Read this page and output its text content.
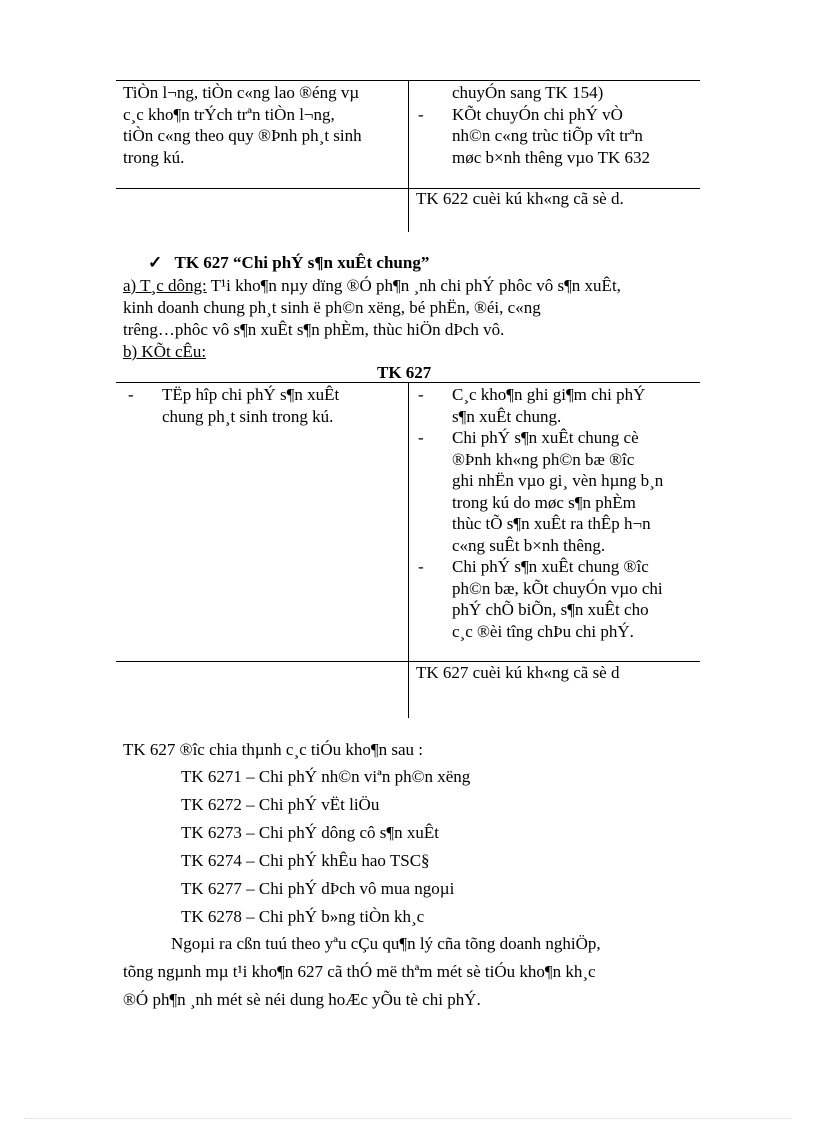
TiÒn l¬ng, tiÒn c«ng lao ®éng vµ
c¸c kho¶n trÝch trªn tiÒn l¬ng,
tiÒn c«ng theo quy ®Þnh ph¸t sinh
trong kú.
chuyÓn sang TK 154)
- KÕt chuyÓn chi phÝ vÒ
nh©n c«ng trùc tiÕp vît trªn
møc b×nh thêng vµo TK 632
TK 622 cuèi kú kh«ng cã sè d.
✓ TK 627 “Chi phÝ s¶n xuÊt chung”
a) T¸c dông: T¹i kho¶n nµy dïng ®Ó ph¶n ¸nh chi phÝ phôc vô s¶n xuÊt,
kinh doanh chung ph¸t sinh ë ph©n xëng, bé phËn, ®éi, c«ng
trêng…phôc vô s¶n xuÊt s¶n phÈm, thùc hiÖn dÞch vô.
b) KÕt cÊu:
TK 627
- TËp hîp chi phÝ s¶n xuÊt
chung ph¸t sinh trong kú.
- C¸c kho¶n ghi gi¶m chi phÝ
s¶n xuÊt chung.
- Chi phÝ s¶n xuÊt chung cè
®Þnh kh«ng ph©n bæ ®îc
ghi nhËn vµo gi¸ vèn hµng b¸n
trong kú do møc s¶n phÈm
thùc tÕ s¶n xuÊt ra thÊp h¬n
c«ng suÊt b×nh thêng.
- Chi phÝ s¶n xuÊt chung ®îc
ph©n bæ, kÕt chuyÓn vµo chi
phÝ chÕ biÕn, s¶n xuÊt cho
c¸c ®èi tîng chÞu chi phÝ.
TK 627 cuèi kú kh«ng cã sè d
TK 627 ®îc chia thµnh c¸c tiÓu kho¶n sau :
TK 6271 – Chi phÝ nh©n viªn ph©n xëng
TK 6272 – Chi phÝ vËt liÖu
TK 6273 – Chi phÝ dông cô s¶n xuÊt
TK 6274 – Chi phÝ khÊu hao TSC§
TK 6277 – Chi phÝ dÞch vô mua ngoµi
TK 6278 – Chi phÝ b»ng tiÒn kh¸c
Ngoµi ra cßn tuú theo yªu cÇu qu¶n lý cña tõng doanh nghiÖp,
tõng ngµnh mµ t¹i kho¶n 627 cã thÓ më thªm mét sè tiÓu kho¶n kh¸c
®Ó ph¶n ¸nh mét sè néi dung hoÆc yÕu tè chi phÝ.
